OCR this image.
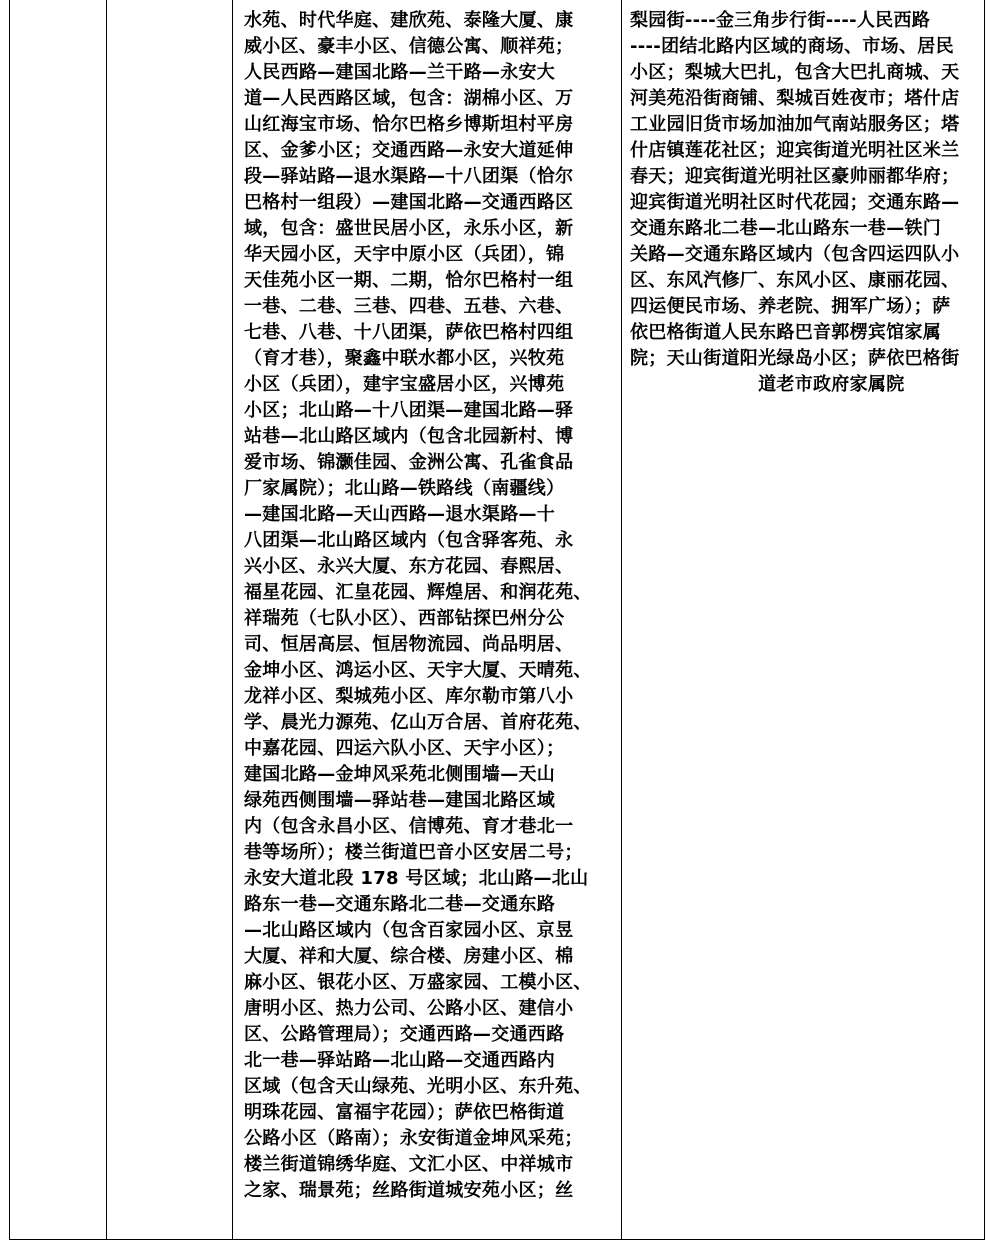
水苑、时代华庭、建欣苑、泰隆大厦、康
威小区、豪丰小区、信德公寓、顺祥苑；
人民西路—建国北路—兰干路—永安大
道—人民西路区域，包含：湖棉小区、万
山红海宝市场、恰尔巴格乡博斯坦村平房
区、金爹小区；交通西路—永安大道延伸
段—驿站路—退水渠路—十八团渠（恰尔
巴格村一组段）—建国北路—交通西路区
域，包含：盛世民居小区，永乐小区，新
华天园小区，天宇中原小区（兵团），锦
天佳苑小区一期、二期，恰尔巴格村一组
一巷、二巷、三巷、四巷、五巷、六巷、
七巷、八巷、十八团渠，萨依巴格村四组
（育才巷），聚鑫中联水都小区，兴牧苑
小区（兵团），建宇宝盛居小区，兴博苑
小区；北山路—十八团渠—建国北路—驿
站巷—北山路区域内（包含北园新村、博
爱市场、锦灏佳园、金洲公寓、孔雀食品
厂家属院）；北山路—铁路线（南疆线）
—建国北路—天山西路—退水渠路—十
八团渠—北山路区域内（包含驿客苑、永
兴小区、永兴大厦、东方花园、春熙居、
福星花园、汇皇花园、辉煌居、和润花苑、
祥瑞苑（七队小区）、西部钻探巴州分公
司、恒居高层、恒居物流园、尚品明居、
金坤小区、鸿运小区、天宇大厦、天晴苑、
龙祥小区、梨城苑小区、库尔勒市第八小
学、晨光力源苑、亿山万合居、首府花苑、
中嘉花园、四运六队小区、天宇小区）；
建国北路—金坤风采苑北侧围墙—天山
绿苑西侧围墙—驿站巷—建国北路区域
内（包含永昌小区、信博苑、育才巷北一
巷等场所）；楼兰街道巴音小区安居二号；
永安大道北段 178 号区域；北山路—北山
路东一巷—交通东路北二巷—交通东路
—北山路区域内（包含百家园小区、京昱
大厦、祥和大厦、综合楼、房建小区、棉
麻小区、银花小区、万盛家园、工模小区、
唐明小区、热力公司、公路小区、建信小
区、公路管理局）；交通西路—交通西路
北一巷—驿站路—北山路—交通西路内
区域（包含天山绿苑、光明小区、东升苑、
明珠花园、富福宇花园）；萨依巴格街道
公路小区（路南）；永安街道金坤风采苑；
楼兰街道锦绣华庭、文汇小区、中祥城市
之家、瑞景苑；丝路街道城安苑小区；丝

梨园街----金三角步行街----人民西路
----团结北路内区域的商场、市场、居民
小区；梨城大巴扎，包含大巴扎商城、天
河美苑沿街商铺、梨城百姓夜市；塔什店
工业园旧货市场加油加气南站服务区；塔
什店镇莲花社区；迎宾街道光明社区米兰
春天；迎宾街道光明社区豪帅丽都华府；
迎宾街道光明社区时代花园；交通东路—
交通东路北二巷—北山路东一巷—铁门
关路—交通东路区域内（包含四运四队小
区、东风汽修厂、东风小区、康丽花园、
四运便民市场、养老院、拥军广场）；萨
依巴格街道人民东路巴音郭楞宾馆家属
院；天山街道阳光绿岛小区；萨依巴格街
　　　　　　　道老市政府家属院
